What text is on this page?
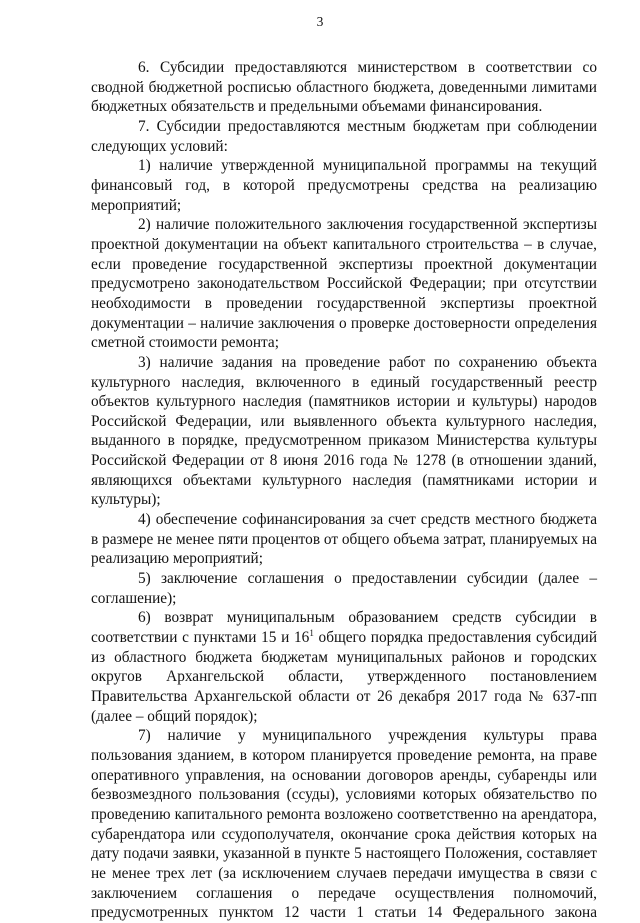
3

6. Субсидии предоставляются министерством в соответствии со сводной бюджетной росписью областного бюджета, доведенными лимитами бюджетных обязательств и предельными объемами финансирования.

7. Субсидии предоставляются местным бюджетам при соблюдении следующих условий:

1) наличие утвержденной муниципальной программы на текущий финансовый год, в которой предусмотрены средства на реализацию мероприятий;

2) наличие положительного заключения государственной экспертизы проектной документации на объект капитального строительства – в случае, если проведение государственной экспертизы проектной документации предусмотрено законодательством Российской Федерации; при отсутствии необходимости в проведении государственной экспертизы проектной документации – наличие заключения о проверке достоверности определения сметной стоимости ремонта;

3) наличие задания на проведение работ по сохранению объекта культурного наследия, включенного в единый государственный реестр объектов культурного наследия (памятников истории и культуры) народов Российской Федерации, или выявленного объекта культурного наследия, выданного в порядке, предусмотренном приказом Министерства культуры Российской Федерации от 8 июня 2016 года № 1278 (в отношении зданий, являющихся объектами культурного наследия (памятниками истории и культуры);

4) обеспечение софинансирования за счет средств местного бюджета в размере не менее пяти процентов от общего объема затрат, планируемых на реализацию мероприятий;

5) заключение соглашения о предоставлении субсидии (далее – соглашение);

6) возврат муниципальным образованием средств субсидии в соответствии с пунктами 15 и $16^1$ общего порядка предоставления субсидий из областного бюджета бюджетам муниципальных районов и городских округов Архангельской области, утвержденного постановлением Правительства Архангельской области от 26 декабря 2017 года № 637-пп (далее – общий порядок);

7) наличие у муниципального учреждения культуры права пользования зданием, в котором планируется проведение ремонта, на праве оперативного управления, на основании договоров аренды, субаренды или безвозмездного пользования (ссуды), условиями которых обязательство по проведению капитального ремонта возложено соответственно на арендатора, субарендатора или ссудополучателя, окончание срока действия которых на дату подачи заявки, указанной в пункте 5 настоящего Положения, составляет не менее трех лет (за исключением случаев передачи имущества в связи с заключением соглашения о передаче осуществления полномочий, предусмотренных пунктом 12 части 1 статьи 14 Федерального закона
